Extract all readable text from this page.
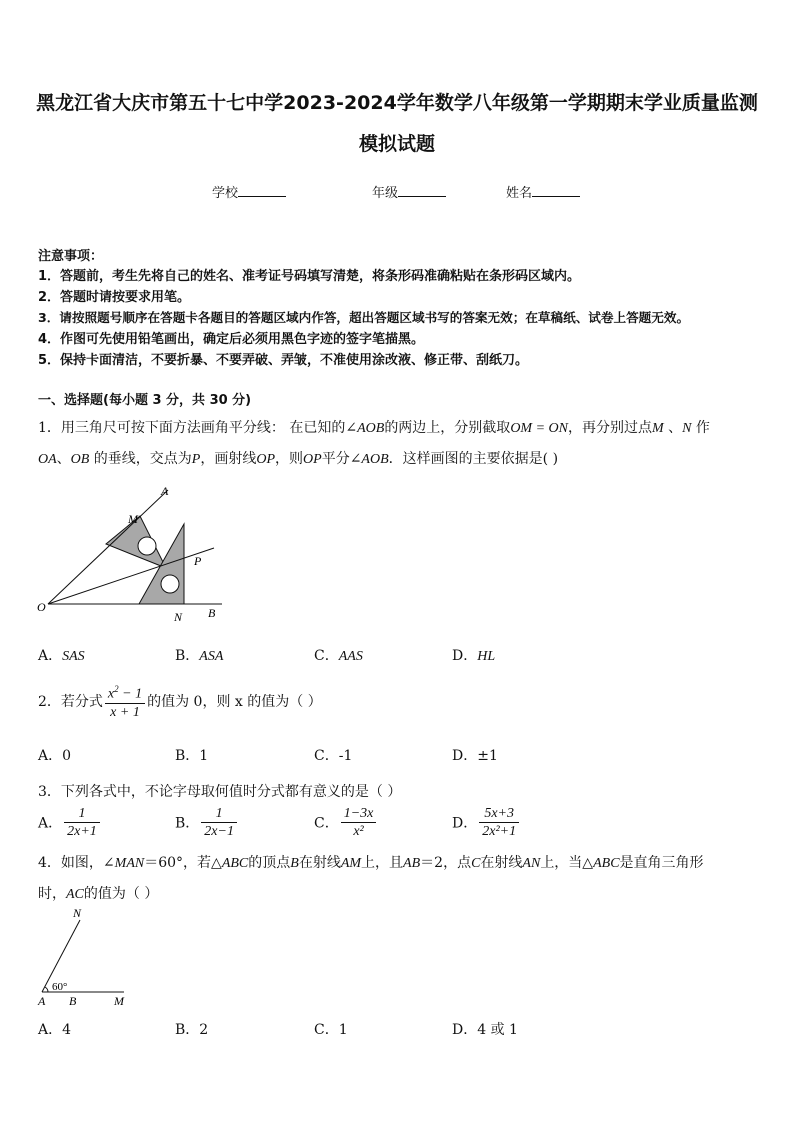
黑龙江省大庆市第五十七中学2023-2024学年数学八年级第一学期期末学业质量监测
模拟试题
学校	年级	姓名
注意事项：
1．答题前，考生先将自己的姓名、准考证号码填写清楚，将条形码准确粘贴在条形码区域内。
2．答题时请按要求用笔。
3．请按照题号顺序在答题卡各题目的答题区域内作答，超出答题区域书写的答案无效；在草稿纸、试卷上答题无效。
4．作图可先使用铅笔画出，确定后必须用黑色字迹的签字笔描黑。
5．保持卡面清洁，不要折暴、不要弄破、弄皱，不准使用涂改液、修正带、刮纸刀。
一、选择题(每小题 3 分，共 30 分)
1．用三角尺可按下面方法画角平分线： 在已知的∠AOB的两边上，分别截取OM = ON，再分别过点M 、N 作
OA、OB 的垂线，交点为P，画射线OP，则OP平分∠AOB．这样画图的主要依据是( )
A
M
P
O
N B
A．SAS	B．ASA	C．AAS	D．HL
2．若分式 $\frac{x^2 - 1}{x + 1}$ 的值为 0，则 x 的值为（ ）
A．0	B．1	C．-1	D．±1
3．下列各式中，不论字母取何值时分式都有意义的是（ ）
A． $\frac{1}{2x+1}$	B． $\frac{1}{2x-1}$	C． $\frac{1-3x}{\text{x²}}$	D． $\frac{5x+3}{\text{2x²+1}}$
4．如图，∠MAN＝60°，若△ABC的顶点B在射线AM上，且AB＝2，点C在射线AN上，当△ABC是直角三角形
时，AC的值为（ ）
N
60°
A B	M
A．4	B．2	C．1	D．4 或 1
